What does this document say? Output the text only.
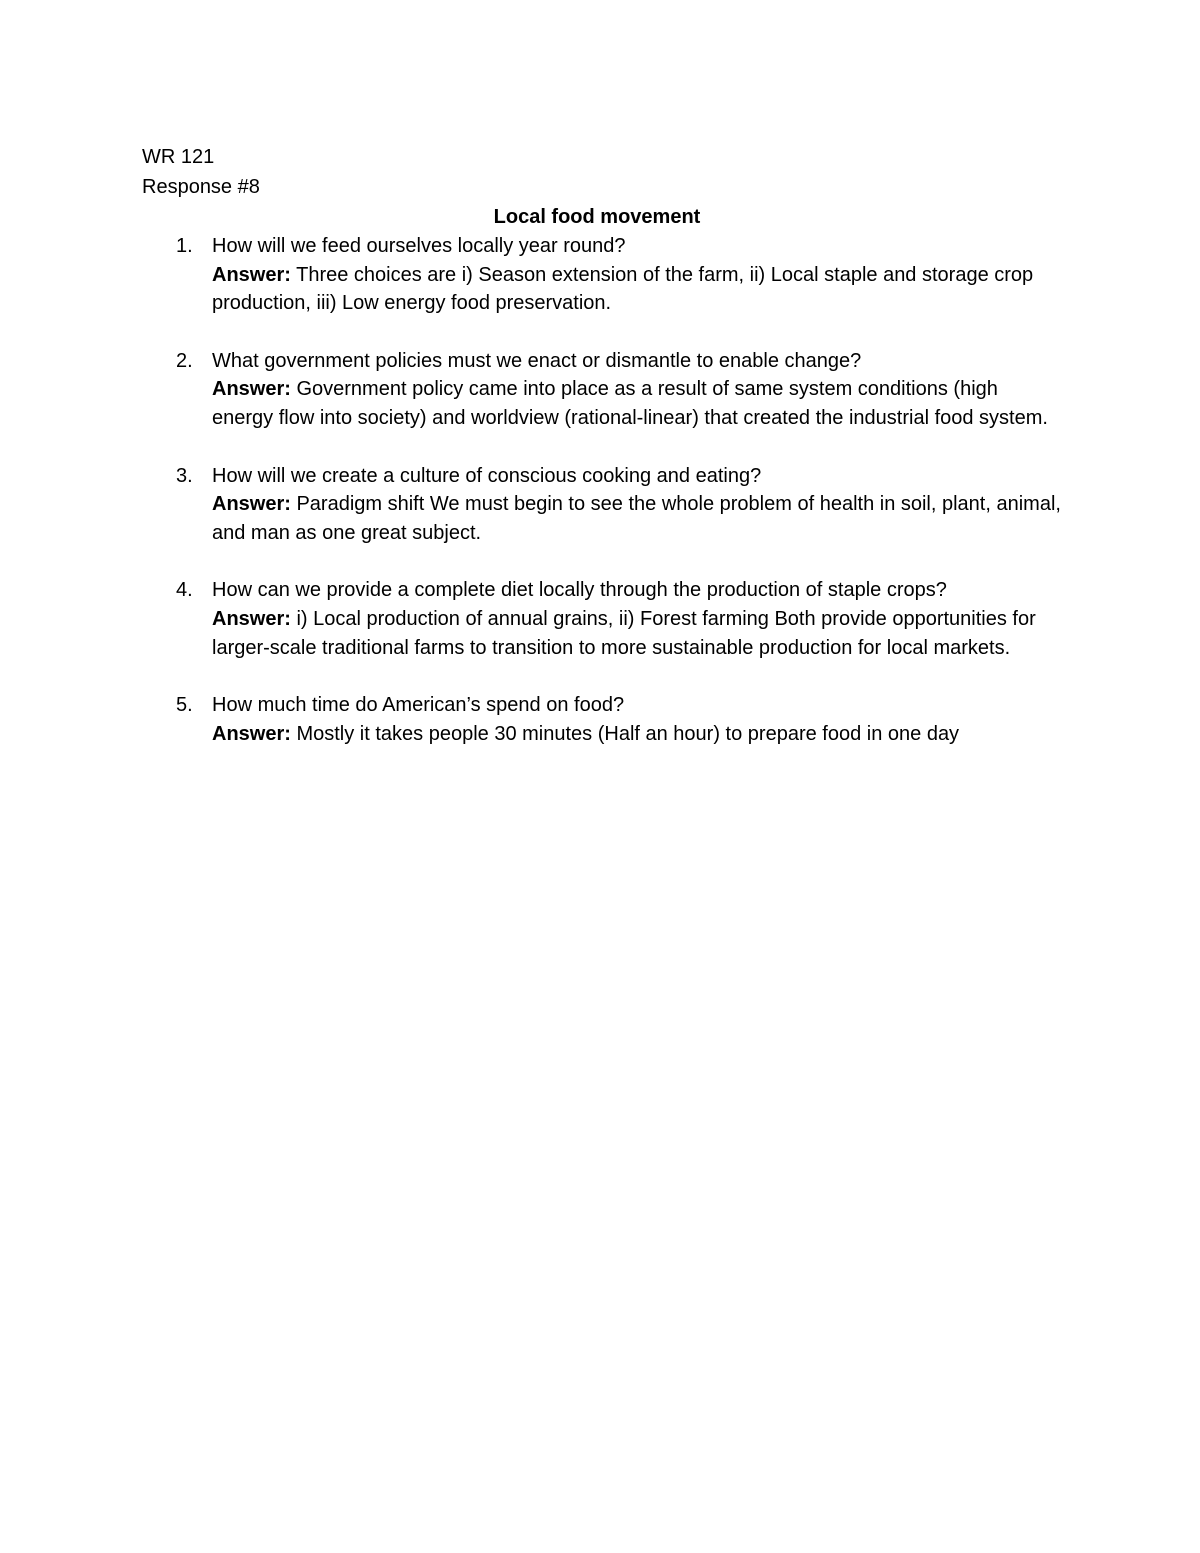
WR 121
Response #8
Local food movement
1. How will we feed ourselves locally year round?
Answer: Three choices are i) Season extension of the farm, ii) Local staple and storage crop production, iii) Low energy food preservation.
2. What government policies must we enact or dismantle to enable change?
Answer: Government policy came into place as a result of same system conditions (high energy flow into society) and worldview (rational-linear) that created the industrial food system.
3. How will we create a culture of conscious cooking and eating?
Answer: Paradigm shift We must begin to see the whole problem of health in soil, plant, animal, and man as one great subject.
4. How can we provide a complete diet locally through the production of staple crops?
Answer: i) Local production of annual grains, ii) Forest farming Both provide opportunities for larger-scale traditional farms to transition to more sustainable production for local markets.
5. How much time do American’s spend on food?
Answer: Mostly it takes people 30 minutes (Half an hour) to prepare food in one day
